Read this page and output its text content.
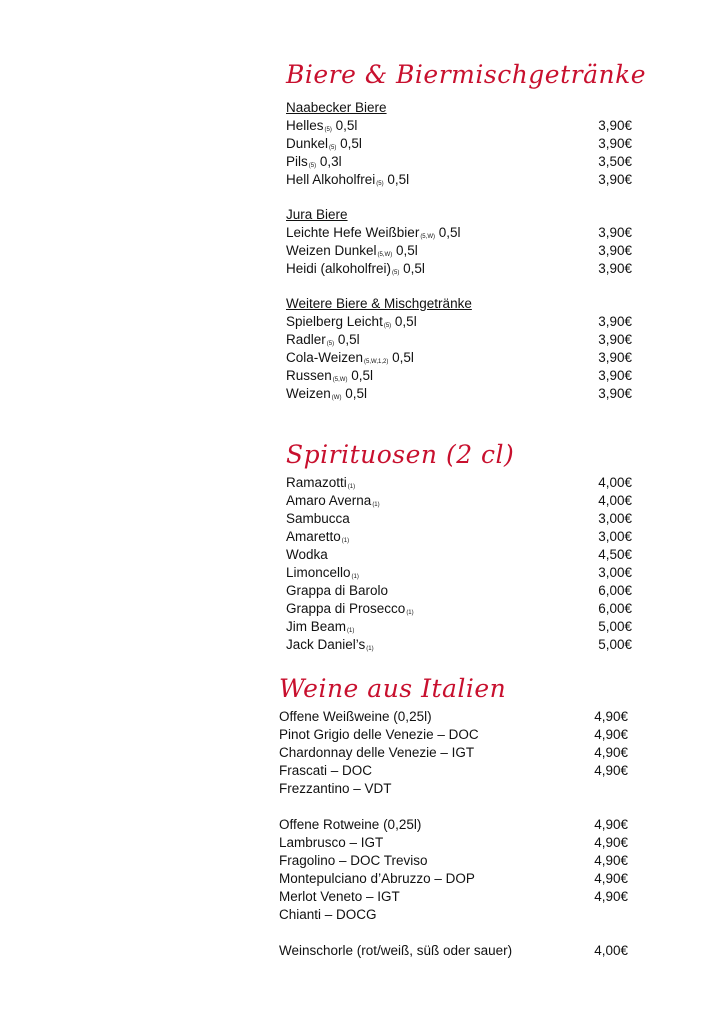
Biere & Biermischgetränke
Naabecker Biere
Helles(5) 0,5l	3,90€
Dunkel(5) 0,5l	3,90€
Pils(5) 0,3l	3,50€
Hell Alkoholfrei(5) 0,5l	3,90€
Jura Biere
Leichte Hefe Weißbier(5,W) 0,5l	3,90€
Weizen Dunkel(5,W) 0,5l	3,90€
Heidi (alkoholfrei)(5) 0,5l	3,90€
Weitere Biere & Mischgetränke
Spielberg Leicht(5) 0,5l	3,90€
Radler(5) 0,5l	3,90€
Cola-Weizen(5,W,1,2) 0,5l	3,90€
Russen(5,W) 0,5l	3,90€
Weizen(W) 0,5l	3,90€
Spirituosen (2 cl)
Ramazotti(1)	4,00€
Amaro Averna(1)	4,00€
Sambucca	3,00€
Amaretto(1)	3,00€
Wodka	4,50€
Limoncello(1)	3,00€
Grappa di Barolo	6,00€
Grappa di Prosecco(1)	6,00€
Jim Beam(1)	5,00€
Jack Daniel’s(1)	5,00€
Weine aus Italien
Offene Weißweine (0,25l)	4,90€
Pinot Grigio delle Venezie – DOC	4,90€
Chardonnay delle Venezie – IGT	4,90€
Frascati – DOC	4,90€
Frezzantino – VDT
Offene Rotweine (0,25l)	4,90€
Lambrusco – IGT	4,90€
Fragolino – DOC Treviso	4,90€
Montepulciano d’Abruzzo – DOP	4,90€
Merlot Veneto – IGT	4,90€
Chianti – DOCG
Weinschorle (rot/weiß, süß oder sauer)	4,00€
